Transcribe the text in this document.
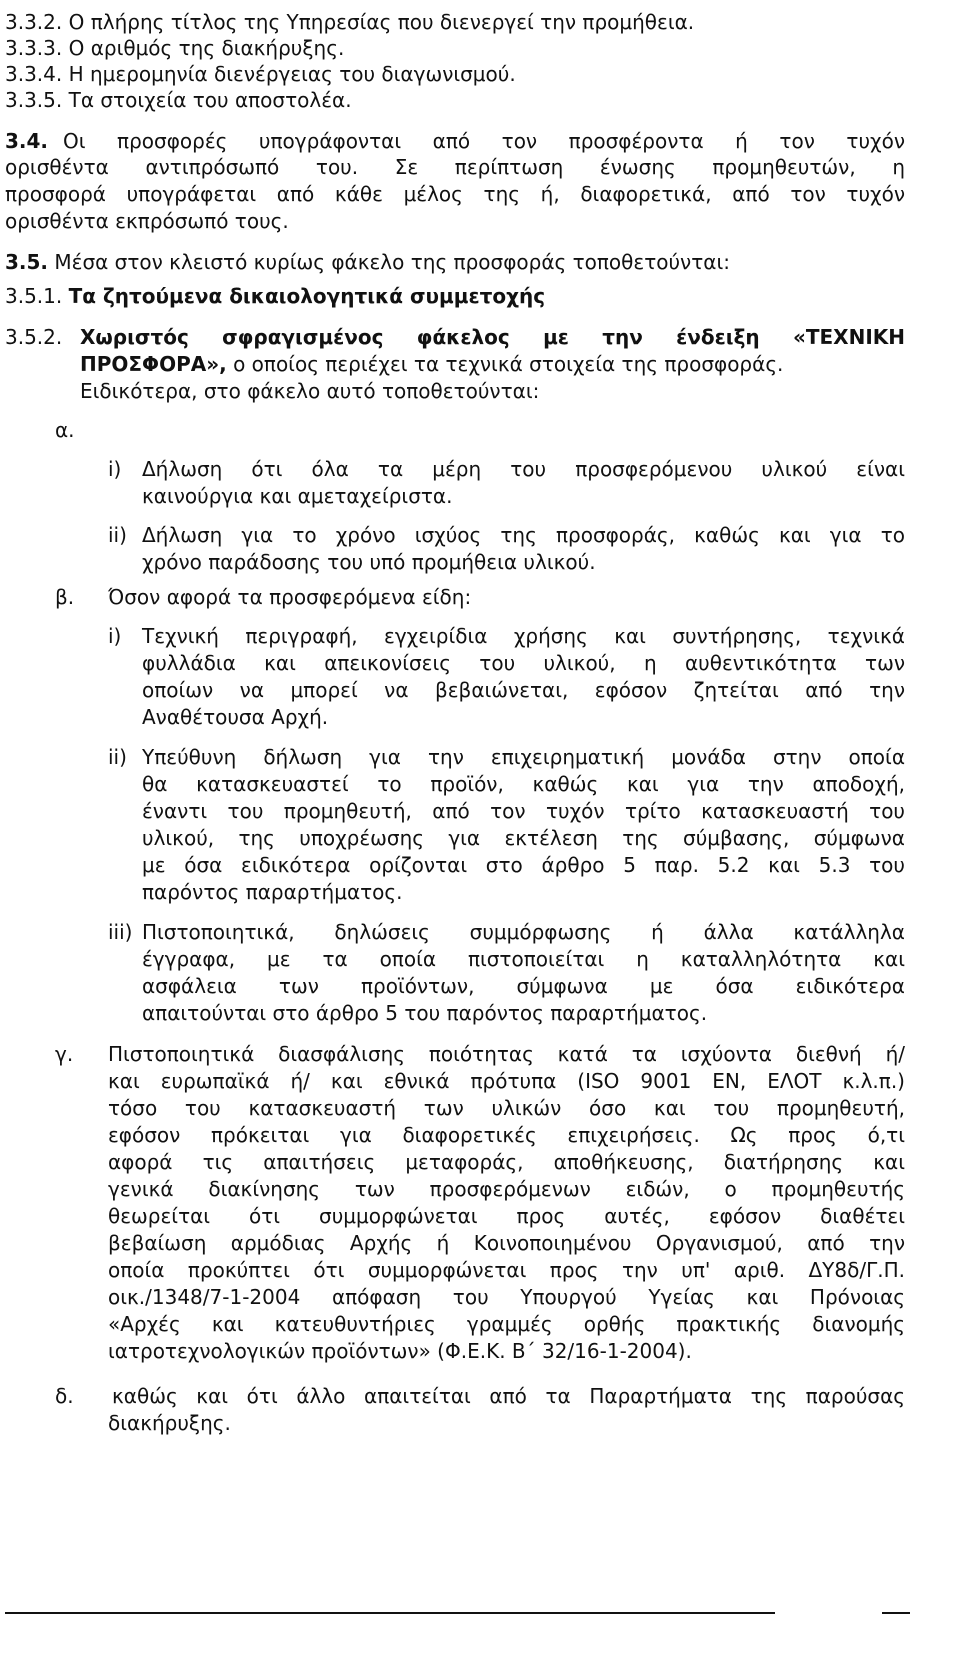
3.3.2. Ο πλήρης τίτλος της Υπηρεσίας που διενεργεί την προμήθεια.
3.3.3. Ο αριθμός της διακήρυξης.
3.3.4. Η ημερομηνία διενέργειας του διαγωνισμού.
3.3.5. Τα στοιχεία του αποστολέα.
3.4. Οι προσφορές υπογράφονται από τον προσφέροντα ή τον τυχόν
ορισθέντα αντιπρόσωπό του. Σε περίπτωση ένωσης προμηθευτών, η
προσφορά υπογράφεται από κάθε μέλος της ή, διαφορετικά, από τον τυχόν
ορισθέντα εκπρόσωπό τους.
3.5. Μέσα στον κλειστό κυρίως φάκελο της προσφοράς τοποθετούνται:
3.5.1. Τα ζητούμενα δικαιολογητικά συμμετοχής
3.5.2. Χωριστός σφραγισμένος φάκελος με την ένδειξη «ΤΕΧΝΙΚΗ
ΠΡΟΣΦΟΡΑ», ο οποίος περιέχει τα τεχνικά στοιχεία της προσφοράς.
Ειδικότερα, στο φάκελο αυτό τοποθετούνται:
α.
i) Δήλωση ότι όλα τα μέρη του προσφερόμενου υλικού είναι
καινούργια και αμεταχείριστα.
ii) Δήλωση για το χρόνο ισχύος της προσφοράς, καθώς και για το
χρόνο παράδοσης του υπό προμήθεια υλικού.
β. Όσον αφορά τα προσφερόμενα είδη:
i) Τεχνική περιγραφή, εγχειρίδια χρήσης και συντήρησης, τεχνικά
φυλλάδια και απεικονίσεις του υλικού, η αυθεντικότητα των
οποίων να μπορεί να βεβαιώνεται, εφόσον ζητείται από την
Αναθέτουσα Αρχή.
ii) Υπεύθυνη δήλωση για την επιχειρηματική μονάδα στην οποία
θα κατασκευαστεί το προϊόν, καθώς και για την αποδοχή,
έναντι του προμηθευτή, από τον τυχόν τρίτο κατασκευαστή του
υλικού, της υποχρέωσης για εκτέλεση της σύμβασης, σύμφωνα
με όσα ειδικότερα ορίζονται στο άρθρο 5 παρ. 5.2 και 5.3 του
παρόντος παραρτήματος.
iii) Πιστοποιητικά, δηλώσεις συμμόρφωσης ή άλλα κατάλληλα
έγγραφα, με τα οποία πιστοποιείται η καταλληλότητα και
ασφάλεια των προϊόντων, σύμφωνα με όσα ειδικότερα
απαιτούνται στο άρθρο 5 του παρόντος παραρτήματος.
γ. Πιστοποιητικά διασφάλισης ποιότητας κατά τα ισχύοντα διεθνή ή/
και ευρωπαϊκά ή/ και εθνικά πρότυπα (ISO 9001 EN, ΕΛΟΤ κ.λ.π.)
τόσο του κατασκευαστή των υλικών όσο και του προμηθευτή,
εφόσον πρόκειται για διαφορετικές επιχειρήσεις. Ως προς ό,τι
αφορά τις απαιτήσεις μεταφοράς, αποθήκευσης, διατήρησης και
γενικά διακίνησης των προσφερόμενων ειδών, ο προμηθευτής
θεωρείται ότι συμμορφώνεται προς αυτές, εφόσον διαθέτει
βεβαίωση αρμόδιας Αρχής ή Κοινοποιημένου Οργανισμού, από την
οποία προκύπτει ότι συμμορφώνεται προς την υπ' αριθ. ΔΥ8δ/Γ.Π.
οικ./1348/7-1-2004 απόφαση του Υπουργού Υγείας και Πρόνοιας
«Αρχές και κατευθυντήριες γραμμές ορθής πρακτικής διανομής
ιατροτεχνολογικών προϊόντων» (Φ.Ε.Κ. Β΄ 32/16-1-2004).
δ. καθώς και ότι άλλο απαιτείται από τα Παραρτήματα της παρούσας
διακήρυξης.
